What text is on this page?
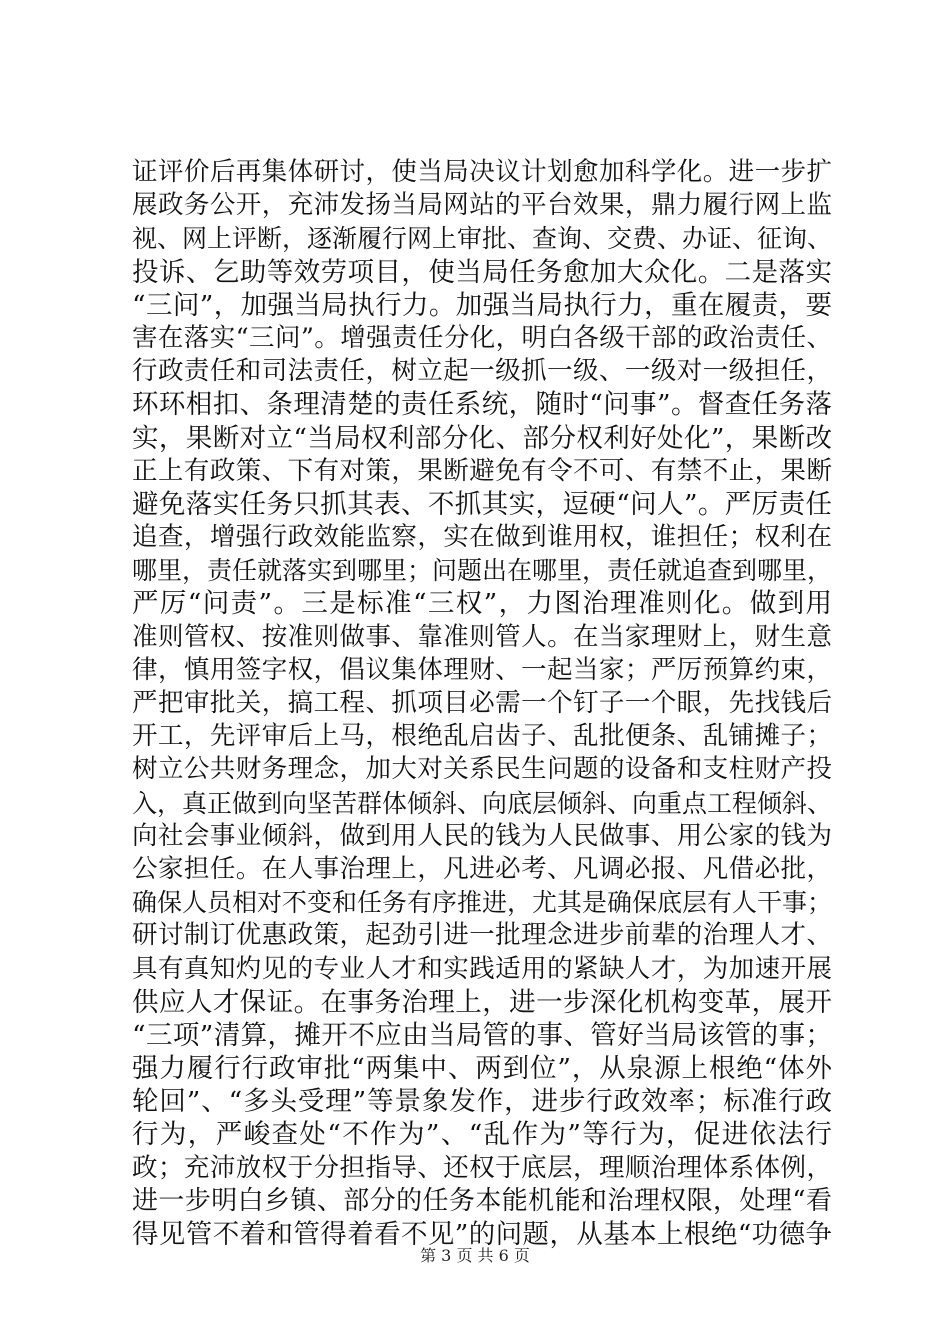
证评价后再集体研讨，使当局决议计划愈加科学化。进一步扩
展政务公开，充沛发扬当局网站的平台效果，鼎力履行网上监
视、网上评断，逐渐履行网上审批、查询、交费、办证、征询、
投诉、乞助等效劳项目，使当局任务愈加大众化。二是落实
“三问”，加强当局执行力。加强当局执行力，重在履责，要
害在落实“三问”。增强责任分化，明白各级干部的政治责任、
行政责任和司法责任，树立起一级抓一级、一级对一级担任，
环环相扣、条理清楚的责任系统，随时“问事”。督查任务落
实，果断对立“当局权利部分化、部分权利好处化”，果断改
正上有政策、下有对策，果断避免有令不可、有禁不止，果断
避免落实任务只抓其表、不抓其实，逗硬“问人”。严厉责任
追查，增强行政效能监察，实在做到谁用权，谁担任；权利在
哪里，责任就落实到哪里；问题出在哪里，责任就追查到哪里，
严厉“问责”。三是标准“三权”，力图治理准则化。做到用
准则管权、按准则做事、靠准则管人。在当家理财上，财生意
律，慎用签字权，倡议集体理财、一起当家；严厉预算约束，
严把审批关，搞工程、抓项目必需一个钉子一个眼，先找钱后
开工，先评审后上马，根绝乱启齿子、乱批便条、乱铺摊子；
树立公共财务理念，加大对关系民生问题的设备和支柱财产投
入，真正做到向坚苦群体倾斜、向底层倾斜、向重点工程倾斜、
向社会事业倾斜，做到用人民的钱为人民做事、用公家的钱为
公家担任。在人事治理上，凡进必考、凡调必报、凡借必批，
确保人员相对不变和任务有序推进，尤其是确保底层有人干事；
研讨制订优惠政策，起劲引进一批理念进步前辈的治理人才、
具有真知灼见的专业人才和实践适用的紧缺人才，为加速开展
供应人才保证。在事务治理上，进一步深化机构变革，展开
“三项”清算，摊开不应由当局管的事、管好当局该管的事；
强力履行行政审批“两集中、两到位”，从泉源上根绝“体外
轮回”、“多头受理”等景象发作，进步行政效率；标准行政
行为，严峻查处“不作为”、“乱作为”等行为，促进依法行
政；充沛放权于分担指导、还权于底层，理顺治理体系体例，
进一步明白乡镇、部分的任务本能机能和治理权限，处理“看
得见管不着和管得着看不见”的问题，从基本上根绝“功德争
第 3 页 共 6 页
